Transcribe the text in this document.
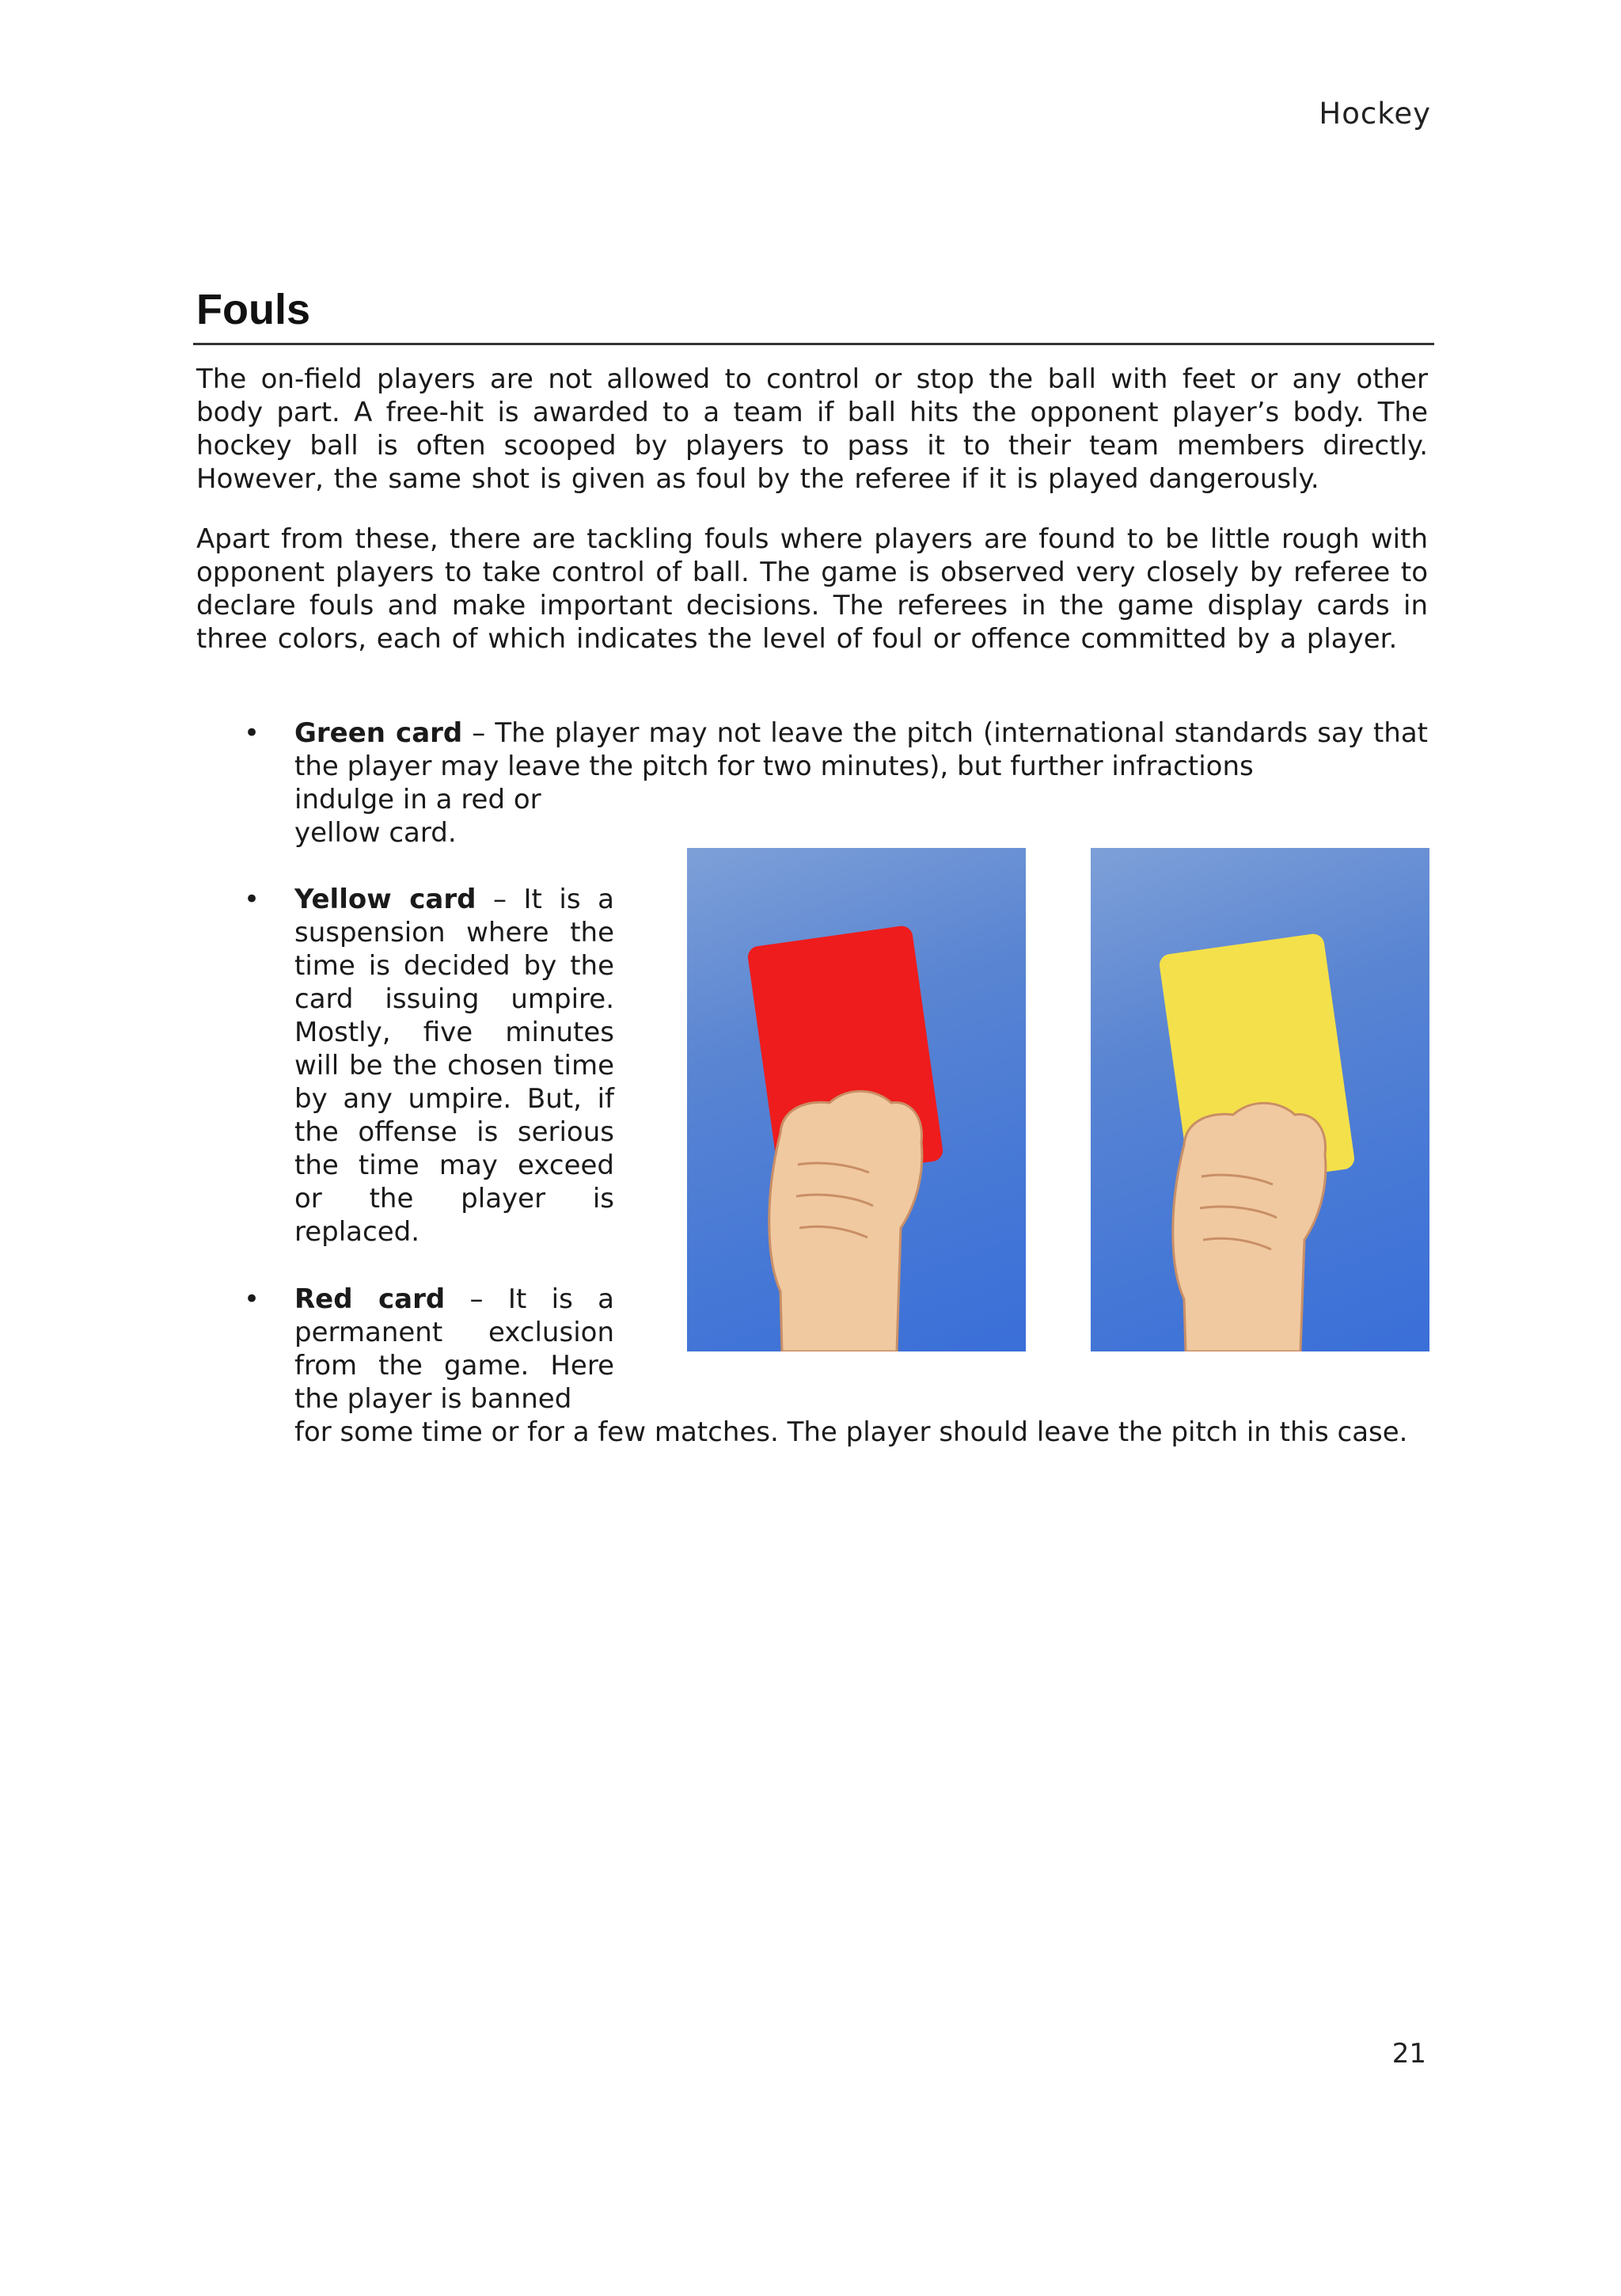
Hockey
Fouls

The on-field players are not allowed to control or stop the ball with feet or any other body part. A free-hit is awarded to a team if ball hits the opponent player’s body. The hockey ball is often scooped by players to pass it to their team members directly. However, the same shot is given as foul by the referee if it is played dangerously.

Apart from these, there are tackling fouls where players are found to be little rough with opponent players to take control of ball. The game is observed very closely by referee to declare fouls and make important decisions. The referees in the game display cards in three colors, each of which indicates the level of foul or offence committed by a player.

• Green card – The player may not leave the pitch (international standards say that the player may leave the pitch for two minutes), but further infractions

indulge in a red or yellow card.

• Yellow card – It is a suspension where the time is decided by the card issuing umpire. Mostly, five minutes will be the chosen time by any umpire. But, if the offense is serious the time may exceed or the player is replaced.

• Red card – It is a permanent exclusion from the game. Here the player is banned

for some time or for a few matches. The player should leave the pitch in this case.

21
